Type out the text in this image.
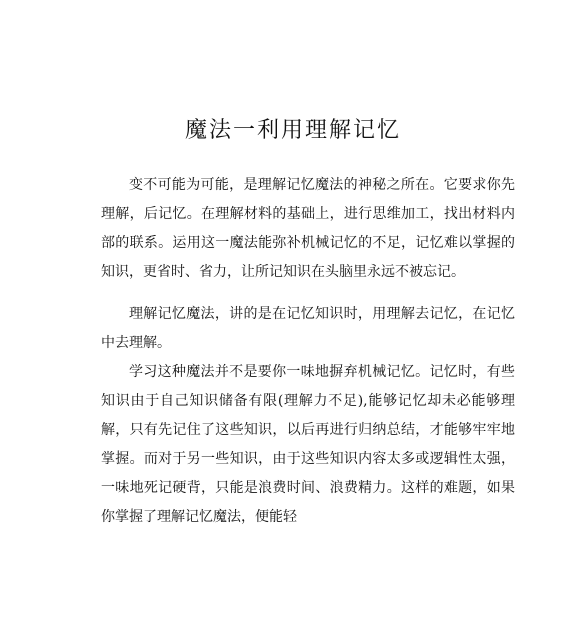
魔法一利用理解记忆

变不可能为可能，是理解记忆魔法的神秘之所在。它要求你先理解，后记忆。在理解材料的基础上，进行思维加工，找出材料内部的联系。运用这一魔法能弥补机械记忆的不足，记忆难以掌握的知识，更省时、省力，让所记知识在头脑里永远不被忘记。

理解记忆魔法，讲的是在记忆知识时，用理解去记忆，在记忆中去理解。

学习这种魔法并不是要你一味地摒弃机械记忆。记忆时，有些知识由于自己知识储备有限(理解力不足),能够记忆却未必能够理解，只有先记住了这些知识，以后再进行归纳总结，才能够牢牢地掌握。而对于另一些知识，由于这些知识内容太多或逻辑性太强，一味地死记硬背，只能是浪费时间、浪费精力。这样的难题，如果你掌握了理解记忆魔法，便能轻
